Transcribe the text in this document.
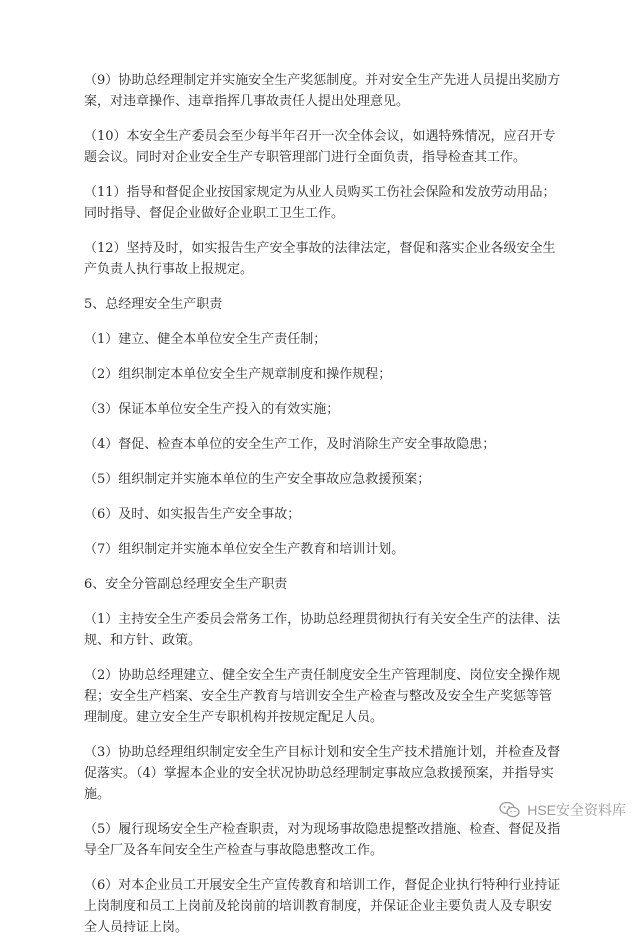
（9）协助总经理制定并实施安全生产奖惩制度。并对安全生产先进人员提出奖励方案，对违章操作、违章指挥几事故责任人提出处理意见。

（10）本安全生产委员会至少每半年召开一次全体会议，如遇特殊情况，应召开专题会议。同时对企业安全生产专职管理部门进行全面负责，指导检查其工作。

（11）指导和督促企业按国家规定为从业人员购买工伤社会保险和发放劳动用品；同时指导、督促企业做好企业职工卫生工作。

（12）坚持及时，如实报告生产安全事故的法律法定，督促和落实企业各级安全生产负责人执行事故上报规定。

5、总经理安全生产职责

（1）建立、健全本单位安全生产责任制；

（2）组织制定本单位安全生产规章制度和操作规程；

（3）保证本单位安全生产投入的有效实施；

（4）督促、检查本单位的安全生产工作，及时消除生产安全事故隐患；

（5）组织制定并实施本单位的生产安全事故应急救援预案；

（6）及时、如实报告生产安全事故；

（7）组织制定并实施本单位安全生产教育和培训计划。

6、安全分管副总经理安全生产职责

（1）主持安全生产委员会常务工作，协助总经理贯彻执行有关安全生产的法律、法规、和方针、政策。

（2）协助总经理建立、健全安全生产责任制度安全生产管理制度、岗位安全操作规程；安全生产档案、安全生产教育与培训安全生产检查与整改及安全生产奖惩等管理制度。建立安全生产专职机构并按规定配足人员。

（3）协助总经理组织制定安全生产目标计划和安全生产技术措施计划，并检查及督促落实。（4）掌握本企业的安全状况协助总经理制定事故应急救援预案，并指导实施。

（5）履行现场安全生产检查职责，对为现场事故隐患提整改措施、检查、督促及指导全厂及各车间安全生产检查与事故隐患整改工作。

（6）对本企业员工开展安全生产宣传教育和培训工作，督促企业执行特种行业持证上岗制度和员工上岗前及轮岗前的培训教育制度，并保证企业主要负责人及专职安全人员持证上岗。

HSE安全资料库
